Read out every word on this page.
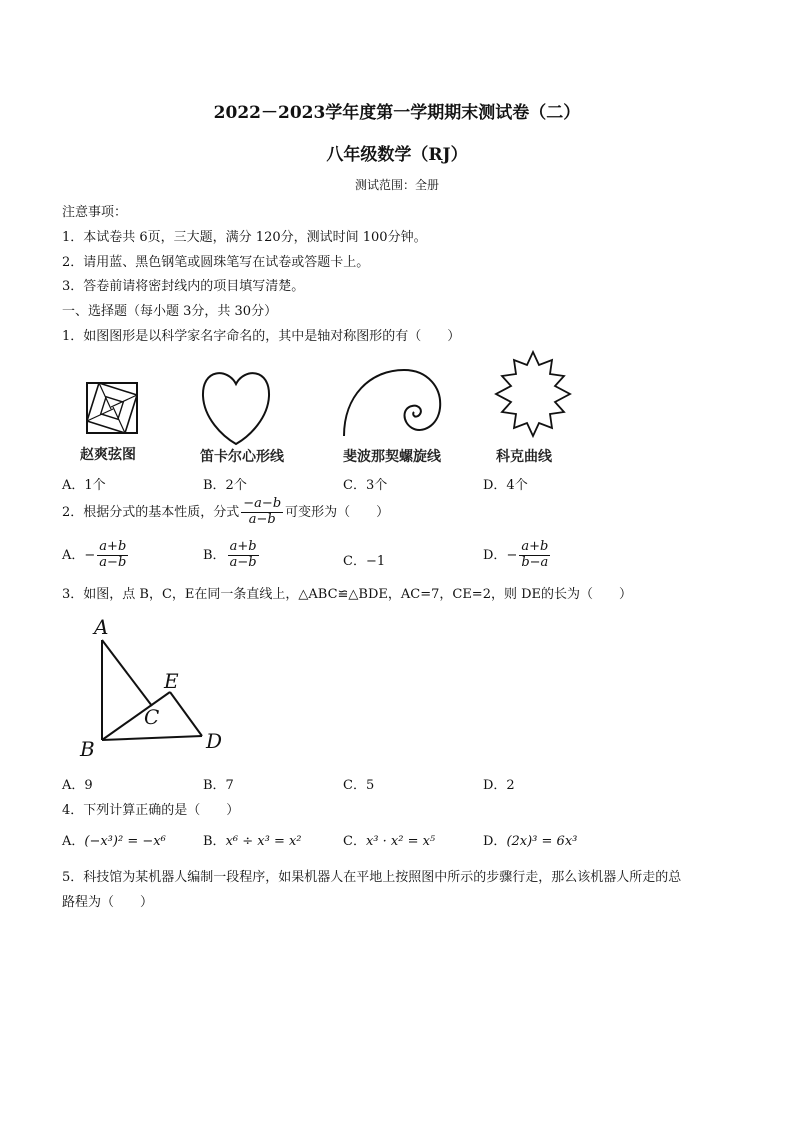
2022－2023学年度第一学期期末测试卷（二）
八年级数学（RJ）
测试范围：全册
注意事项：
1．本试卷共 6页，三大题，满分 120分，测试时间 100分钟。
2．请用蓝、黑色钢笔或圆珠笔写在试卷或答题卡上。
3．答卷前请将密封线内的项目填写清楚。
一、选择题（每小题 3分，共 30分）
1．如图图形是以科学家名字命名的，其中是轴对称图形的有（　　）
赵爽弦图	笛卡尔心形线	斐波那契螺旋线	科克曲线
A．1个	B．2个	C．3个	D．4个
2．根据分式的基本性质，分式 $\frac{-a-b}{a-b}$ 可变形为（　　）
A．− $\frac{a+b}{a-b}$	B． $\frac{a+b}{a-b}$	C．−1	D．− $\frac{a+b}{b-a}$
3．如图，点 B，C，E在同一条直线上，△ABC≌△BDE，AC=7，CE=2，则 DE的长为（　　）
A
E
C
B	D
A．9	B．7	C．5	D．2
4．下列计算正确的是（　　）
A．(−x³)² = −x⁶	B．x⁶ ÷ x³ = x²	C．x³ · x² = x⁵	D．(2x)³ = 6x³
5．科技馆为某机器人编制一段程序，如果机器人在平地上按照图中所示的步骤行走，那么该机器人所走的总
路程为（　　）
